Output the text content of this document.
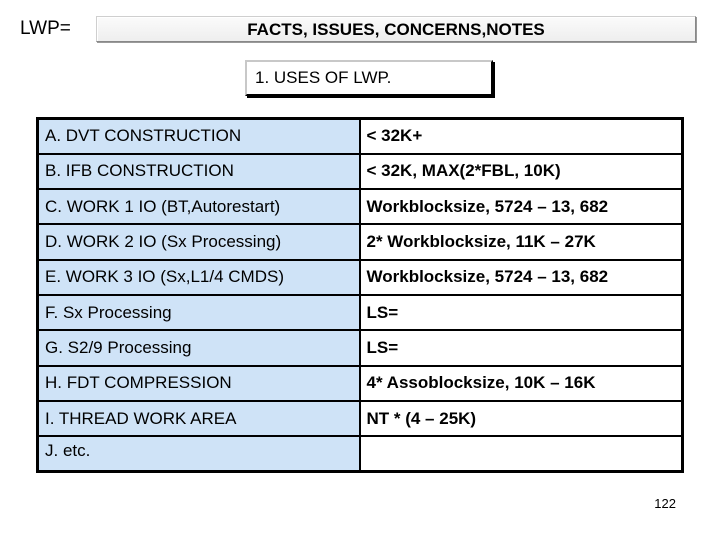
LWP=	FACTS, ISSUES, CONCERNS,NOTES
1. USES OF LWP.
A. DVT CONSTRUCTION	< 32K+
B. IFB CONSTRUCTION	< 32K, MAX(2*FBL, 10K)
C. WORK 1 IO (BT,Autorestart)	Workblocksize, 5724 – 13, 682
D. WORK 2 IO (Sx Processing)	2* Workblocksize, 11K – 27K
E. WORK 3 IO (Sx,L1/4 CMDS)	Workblocksize, 5724 – 13, 682
F. Sx Processing	LS=
G. S2/9 Processing	LS=
H. FDT COMPRESSION	4* Assoblocksize, 10K – 16K
I. THREAD WORK AREA	NT * (4 – 25K)
J. etc.	
122
